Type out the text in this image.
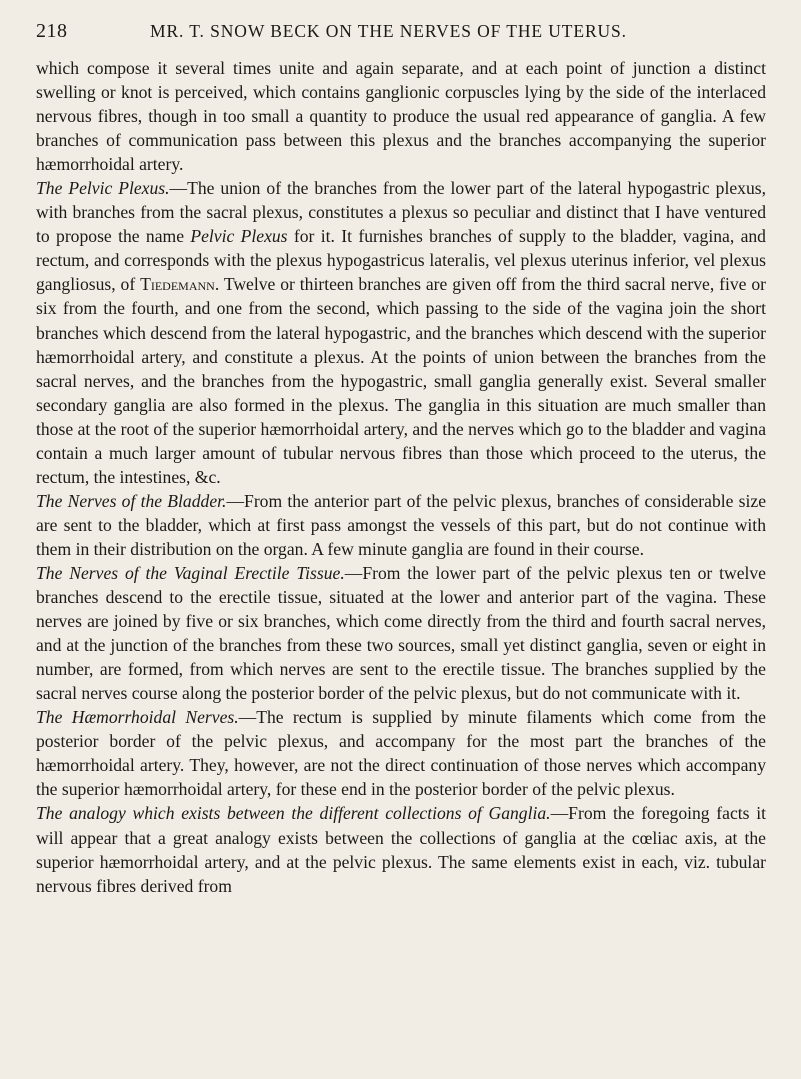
218	MR. T. SNOW BECK ON THE NERVES OF THE UTERUS.

which compose it several times unite and again separate, and at each point of junction a distinct swelling or knot is perceived, which contains ganglionic corpuscles lying by the side of the interlaced nervous fibres, though in too small a quantity to produce the usual red appearance of ganglia. A few branches of communication pass between this plexus and the branches accompanying the superior hæmorrhoidal artery.

The Pelvic Plexus.—The union of the branches from the lower part of the lateral hypogastric plexus, with branches from the sacral plexus, constitutes a plexus so peculiar and distinct that I have ventured to propose the name Pelvic Plexus for it. It furnishes branches of supply to the bladder, vagina, and rectum, and corresponds with the plexus hypogastricus lateralis, vel plexus uterinus inferior, vel plexus gangliosus, of Tiedemann. Twelve or thirteen branches are given off from the third sacral nerve, five or six from the fourth, and one from the second, which passing to the side of the vagina join the short branches which descend from the lateral hypogastric, and the branches which descend with the superior hæmorrhoidal artery, and constitute a plexus. At the points of union between the branches from the sacral nerves, and the branches from the hypogastric, small ganglia generally exist. Several smaller secondary ganglia are also formed in the plexus. The ganglia in this situation are much smaller than those at the root of the superior hæmorrhoidal artery, and the nerves which go to the bladder and vagina contain a much larger amount of tubular nervous fibres than those which proceed to the uterus, the rectum, the intestines, &c.

The Nerves of the Bladder.—From the anterior part of the pelvic plexus, branches of considerable size are sent to the bladder, which at first pass amongst the vessels of this part, but do not continue with them in their distribution on the organ. A few minute ganglia are found in their course.

The Nerves of the Vaginal Erectile Tissue.—From the lower part of the pelvic plexus ten or twelve branches descend to the erectile tissue, situated at the lower and anterior part of the vagina. These nerves are joined by five or six branches, which come directly from the third and fourth sacral nerves, and at the junction of the branches from these two sources, small yet distinct ganglia, seven or eight in number, are formed, from which nerves are sent to the erectile tissue. The branches supplied by the sacral nerves course along the posterior border of the pelvic plexus, but do not communicate with it.

The Hæmorrhoidal Nerves.—The rectum is supplied by minute filaments which come from the posterior border of the pelvic plexus, and accompany for the most part the branches of the hæmorrhoidal artery. They, however, are not the direct continuation of those nerves which accompany the superior hæmorrhoidal artery, for these end in the posterior border of the pelvic plexus.

The analogy which exists between the different collections of Ganglia.—From the foregoing facts it will appear that a great analogy exists between the collections of ganglia at the cœliac axis, at the superior hæmorrhoidal artery, and at the pelvic plexus. The same elements exist in each, viz. tubular nervous fibres derived from
